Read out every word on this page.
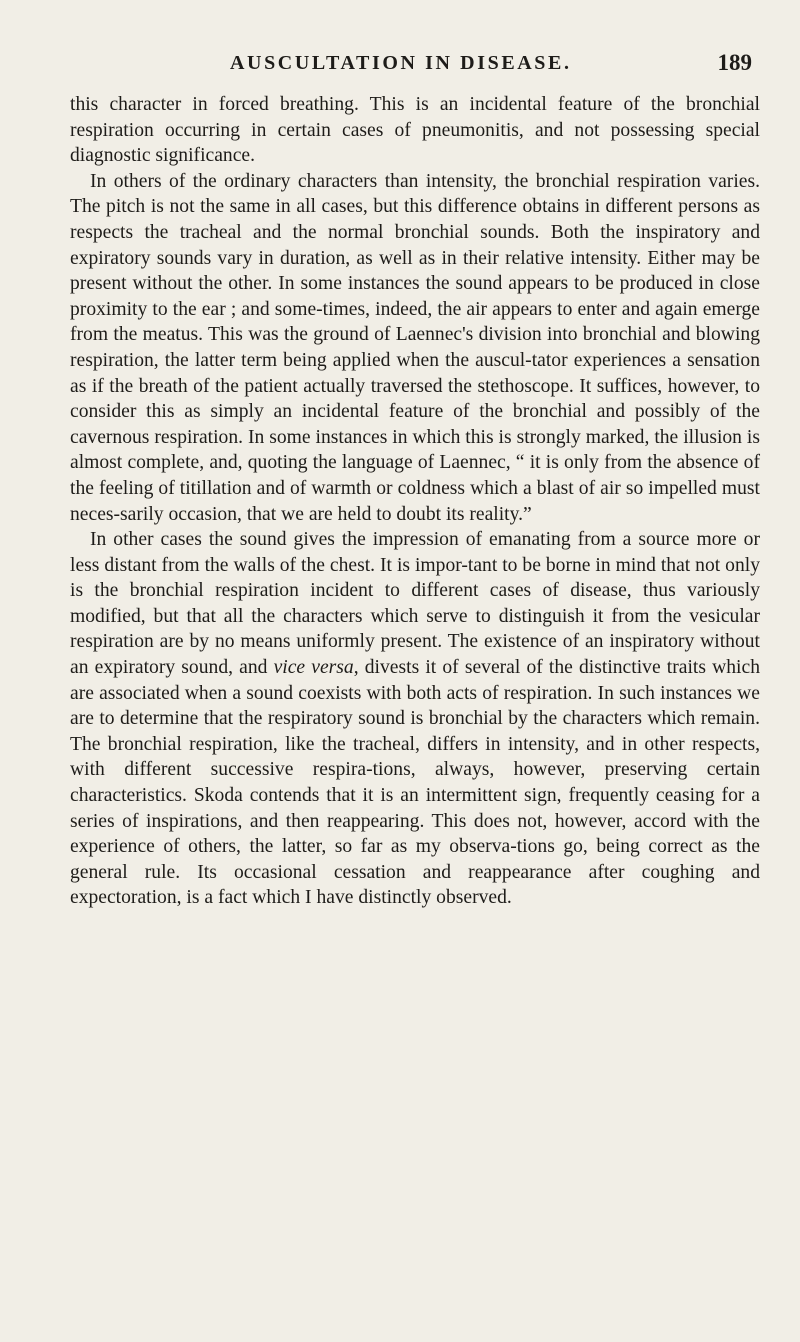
AUSCULTATION IN DISEASE.	189

this character in forced breathing. This is an incidental feature of the bronchial respiration occurring in certain cases of pneumonitis, and not possessing special diagnostic significance.

In others of the ordinary characters than intensity, the bronchial respiration varies. The pitch is not the same in all cases, but this difference obtains in different persons as respects the tracheal and the normal bronchial sounds. Both the inspiratory and expiratory sounds vary in duration, as well as in their relative intensity. Either may be present without the other. In some instances the sound appears to be produced in close proximity to the ear ; and some-times, indeed, the air appears to enter and again emerge from the meatus. This was the ground of Laennec's division into bronchial and blowing respiration, the latter term being applied when the auscul-tator experiences a sensation as if the breath of the patient actually traversed the stethoscope. It suffices, however, to consider this as simply an incidental feature of the bronchial and possibly of the cavernous respiration. In some instances in which this is strongly marked, the illusion is almost complete, and, quoting the language of Laennec, “ it is only from the absence of the feeling of titillation and of warmth or coldness which a blast of air so impelled must neces-sarily occasion, that we are held to doubt its reality.”

In other cases the sound gives the impression of emanating from a source more or less distant from the walls of the chest. It is impor-tant to be borne in mind that not only is the bronchial respiration incident to different cases of disease, thus variously modified, but that all the characters which serve to distinguish it from the vesicular respiration are by no means uniformly present. The existence of an inspiratory without an expiratory sound, and vice versa, divests it of several of the distinctive traits which are associated when a sound coexists with both acts of respiration. In such instances we are to determine that the respiratory sound is bronchial by the characters which remain. The bronchial respiration, like the tracheal, differs in intensity, and in other respects, with different successive respira-tions, always, however, preserving certain characteristics. Skoda contends that it is an intermittent sign, frequently ceasing for a series of inspirations, and then reappearing. This does not, however, accord with the experience of others, the latter, so far as my observa-tions go, being correct as the general rule. Its occasional cessation and reappearance after coughing and expectoration, is a fact which I have distinctly observed.
